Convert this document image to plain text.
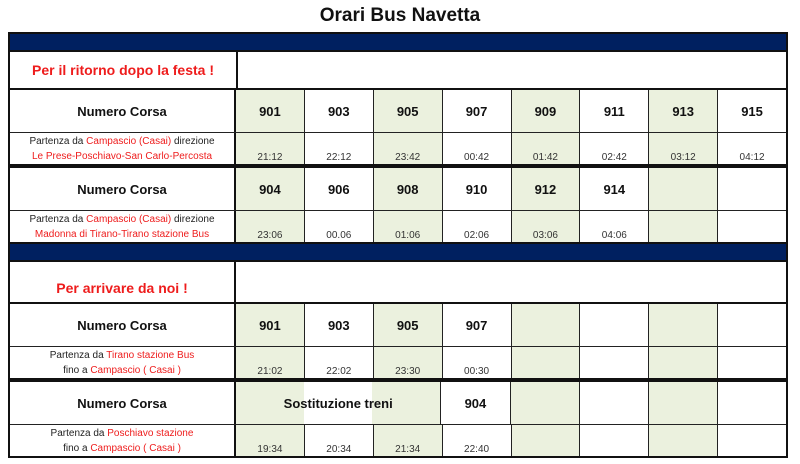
Orari Bus Navetta
Per il ritorno dopo la festa !
Numero Corsa	901	903	905	907	909	911	913	915
Partenza da Campascio (Casai) direzione
Le Prese-Poschiavo-San Carlo-Percosta	21:12	22:12	23:42	00:42	01:42	02:42	03:12	04:12
Numero Corsa	904	906	908	910	912	914
Partenza da Campascio (Casai) direzione
Madonna di Tirano-Tirano stazione Bus	23:06	00.06	01:06	02:06	03:06	04:06
Per arrivare da noi !
Numero Corsa	901	903	905	907
Partenza da Tirano stazione Bus
fino a Campascio ( Casai )	21:02	22:02	23:30	00:30
Numero Corsa	Sostituzione treni	904
Partenza da Poschiavo stazione
fino a Campascio ( Casai )	19:34	20:34	21:34	22:40
